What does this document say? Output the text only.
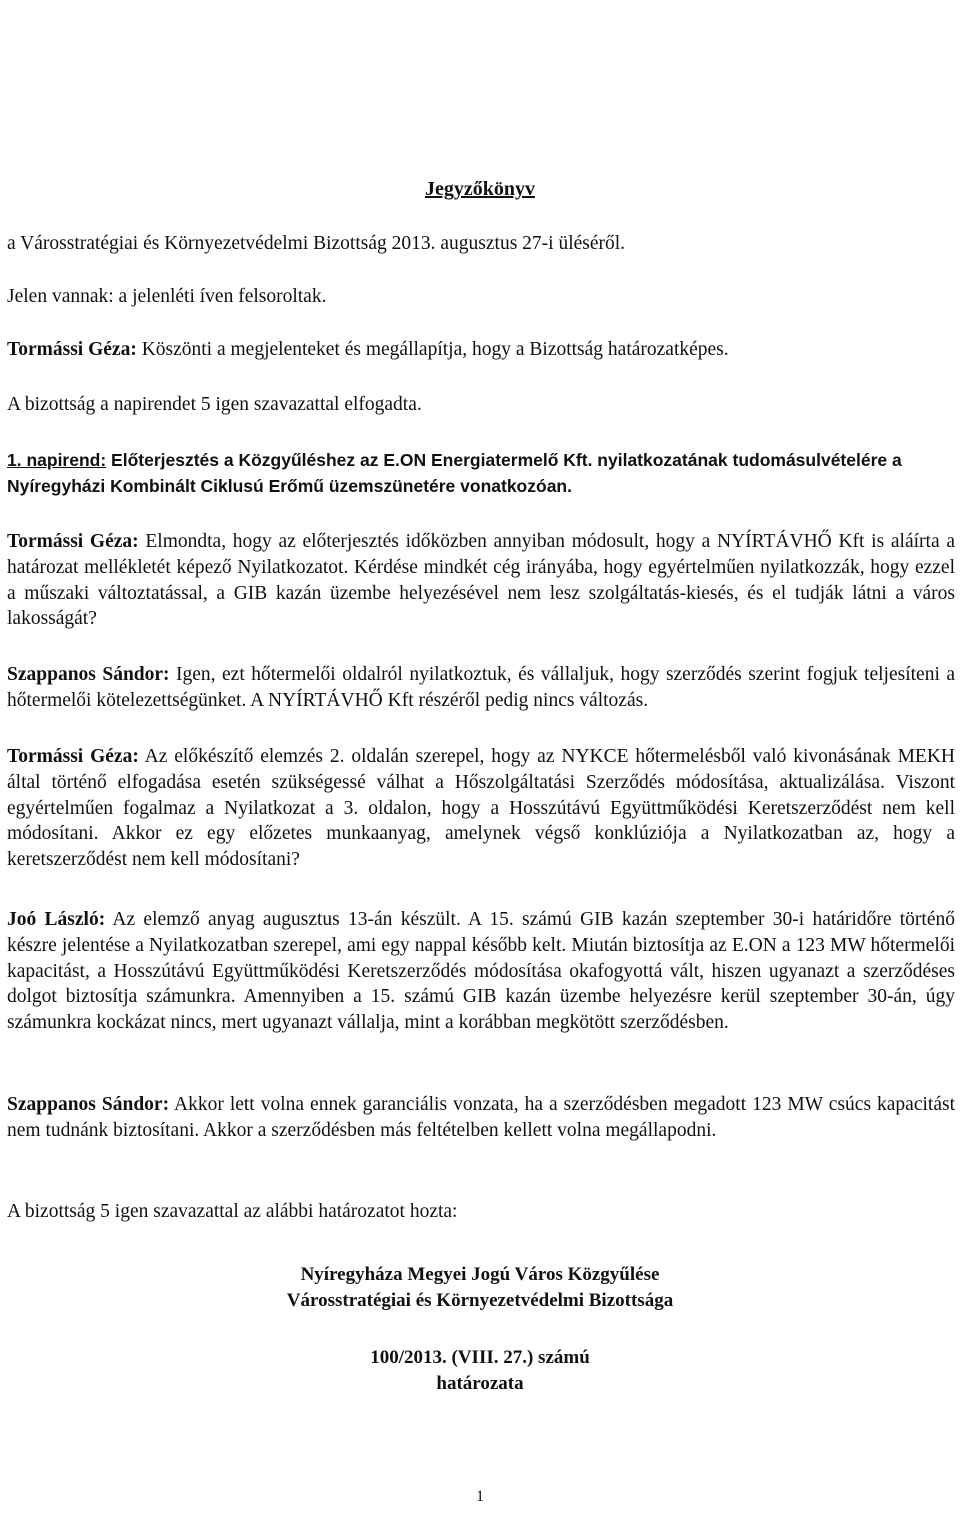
Jegyzőkönyv

a Városstratégiai és Környezetvédelmi Bizottság 2013. augusztus 27-i üléséről.

Jelen vannak: a jelenléti íven felsoroltak.

Tormássi Géza: Köszönti a megjelenteket és megállapítja, hogy a Bizottság határozatképes.

A bizottság a napirendet 5 igen szavazattal elfogadta.

1. napirend: Előterjesztés a Közgyűléshez az E.ON Energiatermelő Kft. nyilatkozatának tudomásulvételére a Nyíregyházi Kombinált Ciklusú Erőmű üzemszünetére vonatkozóan.

Tormássi Géza: Elmondta, hogy az előterjesztés időközben annyiban módosult, hogy a NYÍRTÁVHŐ Kft is aláírta a határozat mellékletét képező Nyilatkozatot. Kérdése mindkét cég irányába, hogy egyértelműen nyilatkozzák, hogy ezzel a műszaki változtatással, a GIB kazán üzembe helyezésével nem lesz szolgáltatás-kiesés, és el tudják látni a város lakosságát?

Szappanos Sándor: Igen, ezt hőtermelői oldalról nyilatkoztuk, és vállaljuk, hogy szerződés szerint fogjuk teljesíteni a hőtermelői kötelezettségünket. A NYÍRTÁVHŐ Kft részéről pedig nincs változás.

Tormássi Géza: Az előkészítő elemzés 2. oldalán szerepel, hogy az NYKCE hőtermelésből való kivonásának MEKH által történő elfogadása esetén szükségessé válhat a Hőszolgáltatási Szerződés módosítása, aktualizálása. Viszont egyértelműen fogalmaz a Nyilatkozat a 3. oldalon, hogy a Hosszútávú Együttműködési Keretszerződést nem kell módosítani. Akkor ez egy előzetes munkaanyag, amelynek végső konklúziója a Nyilatkozatban az, hogy a keretszerződést nem kell módosítani?

Joó László: Az elemző anyag augusztus 13-án készült. A 15. számú GIB kazán szeptember 30-i határidőre történő készre jelentése a Nyilatkozatban szerepel, ami egy nappal később kelt. Miután biztosítja az E.ON a 123 MW hőtermelői kapacitást, a Hosszútávú Együttműködési Keretszerződés módosítása okafogyottá vált, hiszen ugyanazt a szerződéses dolgot biztosítja számunkra. Amennyiben a 15. számú GIB kazán üzembe helyezésre kerül szeptember 30-án, úgy számunkra kockázat nincs, mert ugyanazt vállalja, mint a korábban megkötött szerződésben.

Szappanos Sándor: Akkor lett volna ennek garanciális vonzata, ha a szerződésben megadott 123 MW csúcs kapacitást nem tudnánk biztosítani. Akkor a szerződésben más feltételben kellett volna megállapodni.

A bizottság 5 igen szavazattal az alábbi határozatot hozta:

Nyíregyháza Megyei Jogú Város Közgyűlése
Városstratégiai és Környezetvédelmi Bizottsága
100/2013. (VIII. 27.) számú
határozata

1
